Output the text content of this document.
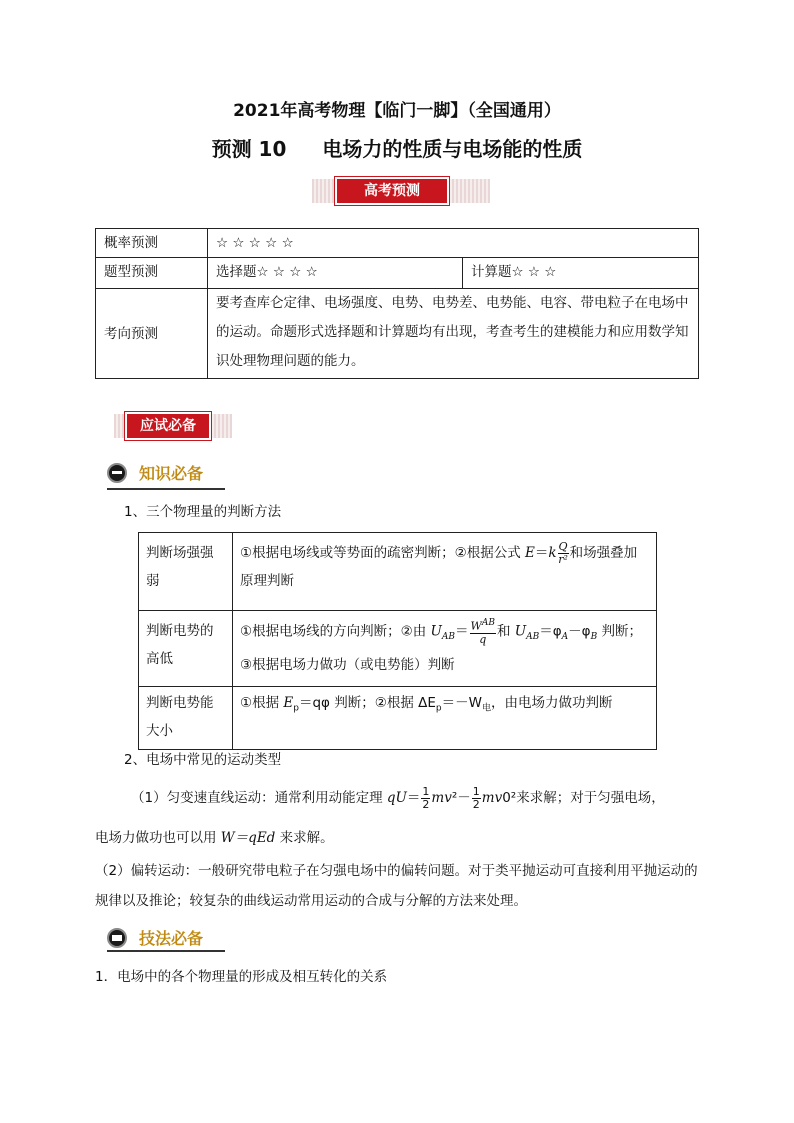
2021年高考物理【临门一脚】（全国通用）
预测 10 电场力的性质与电场能的性质
高考预测
概率预测	☆ ☆ ☆ ☆ ☆	
题型预测	选择题☆ ☆ ☆ ☆	计算题☆ ☆ ☆
考向预测	要考查库仑定律、电场强度、电势、电势差、电势能、电容、带电粒子在电场中的运动。命题形式选择题和计算题均有出现，考查考生的建模能力和应用数学知识处理物理问题的能力。	
应试必备
知识必备
1、三个物理量的判断方法
判断场强强弱	①根据电场线或等势面的疏密判断；②根据公式 $E=k \frac{Q}{\text{r²}}$ 和场强叠加原理判断
判断电势的高低	①根据电场线的方向判断；②由 $U_{AB}= \frac{W^{AB}}{q}$ 和 $U_{AB}=\varphi_A-\varphi_B$ 判断；③根据电场力做功（或电势能）判断
判断电势能大小	①根据 $E_p=q\varphi$ 判断；②根据 $\Delta E_p=-W_电$，由电场力做功判断
2、电场中常见的运动类型
（1）匀变速直线运动：通常利用动能定理 $qU= \frac{1}{2} mv^2- \frac{1}{2} mv0^2$来求解；对于匀强电场，
电场力做功也可以用 W＝qEd 来求解。
（2）偏转运动：一般研究带电粒子在匀强电场中的偏转问题。对于类平抛运动可直接利用平抛运动的规律以及推论；较复杂的曲线运动常用运动的合成与分解的方法来处理。
技法必备
1．电场中的各个物理量的形成及相互转化的关系
